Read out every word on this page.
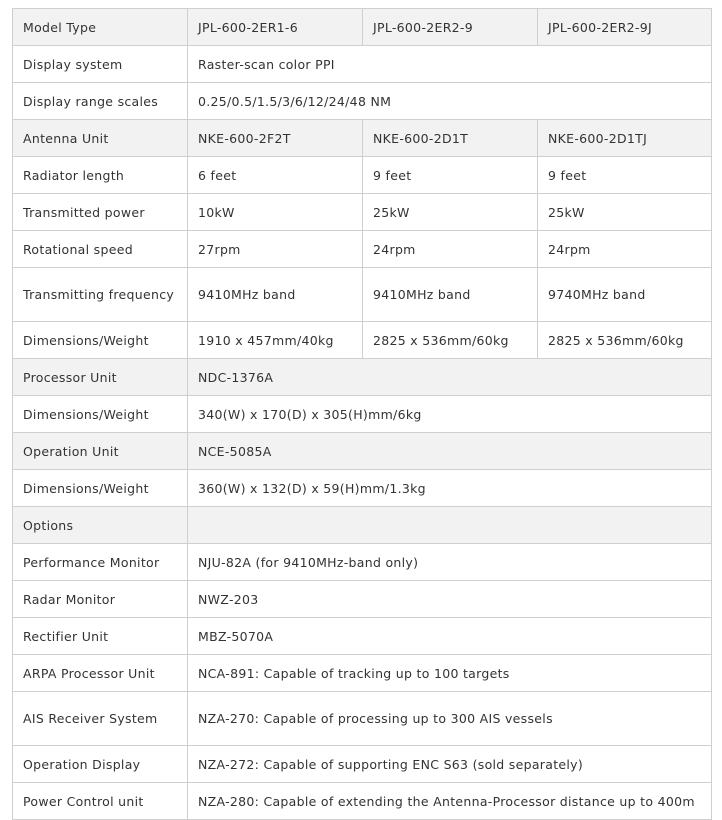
Model Type	JPL-600-2ER1-6	JPL-600-2ER2-9	JPL-600-2ER2-9J
Display system	Raster-scan color PPI		
Display range scales	0.25/0.5/1.5/3/6/12/24/48 NM		
Antenna Unit	NKE-600-2F2T	NKE-600-2D1T	NKE-600-2D1TJ
Radiator length	6 feet	9 feet	9 feet
Transmitted power	10kW	25kW	25kW
Rotational speed	27rpm	24rpm	24rpm
Transmitting frequency	9410MHz band	9410MHz band	9740MHz band
Dimensions/Weight	1910 x 457mm/40kg	2825 x 536mm/60kg	2825 x 536mm/60kg
Processor Unit	NDC-1376A		
Dimensions/Weight	340(W) x 170(D) x 305(H)mm/6kg		
Operation Unit	NCE-5085A		
Dimensions/Weight	360(W) x 132(D) x 59(H)mm/1.3kg		
Options			
Performance Monitor	NJU-82A (for 9410MHz-band only)		
Radar Monitor	NWZ-203		
Rectifier Unit	MBZ-5070A		
ARPA Processor Unit	NCA-891: Capable of tracking up to 100 targets		
AIS Receiver System	NZA-270: Capable of processing up to 300 AIS vessels		
Operation Display	NZA-272: Capable of supporting ENC S63 (sold separately)		
Power Control unit	NZA-280: Capable of extending the Antenna-Processor distance up to 400m		
